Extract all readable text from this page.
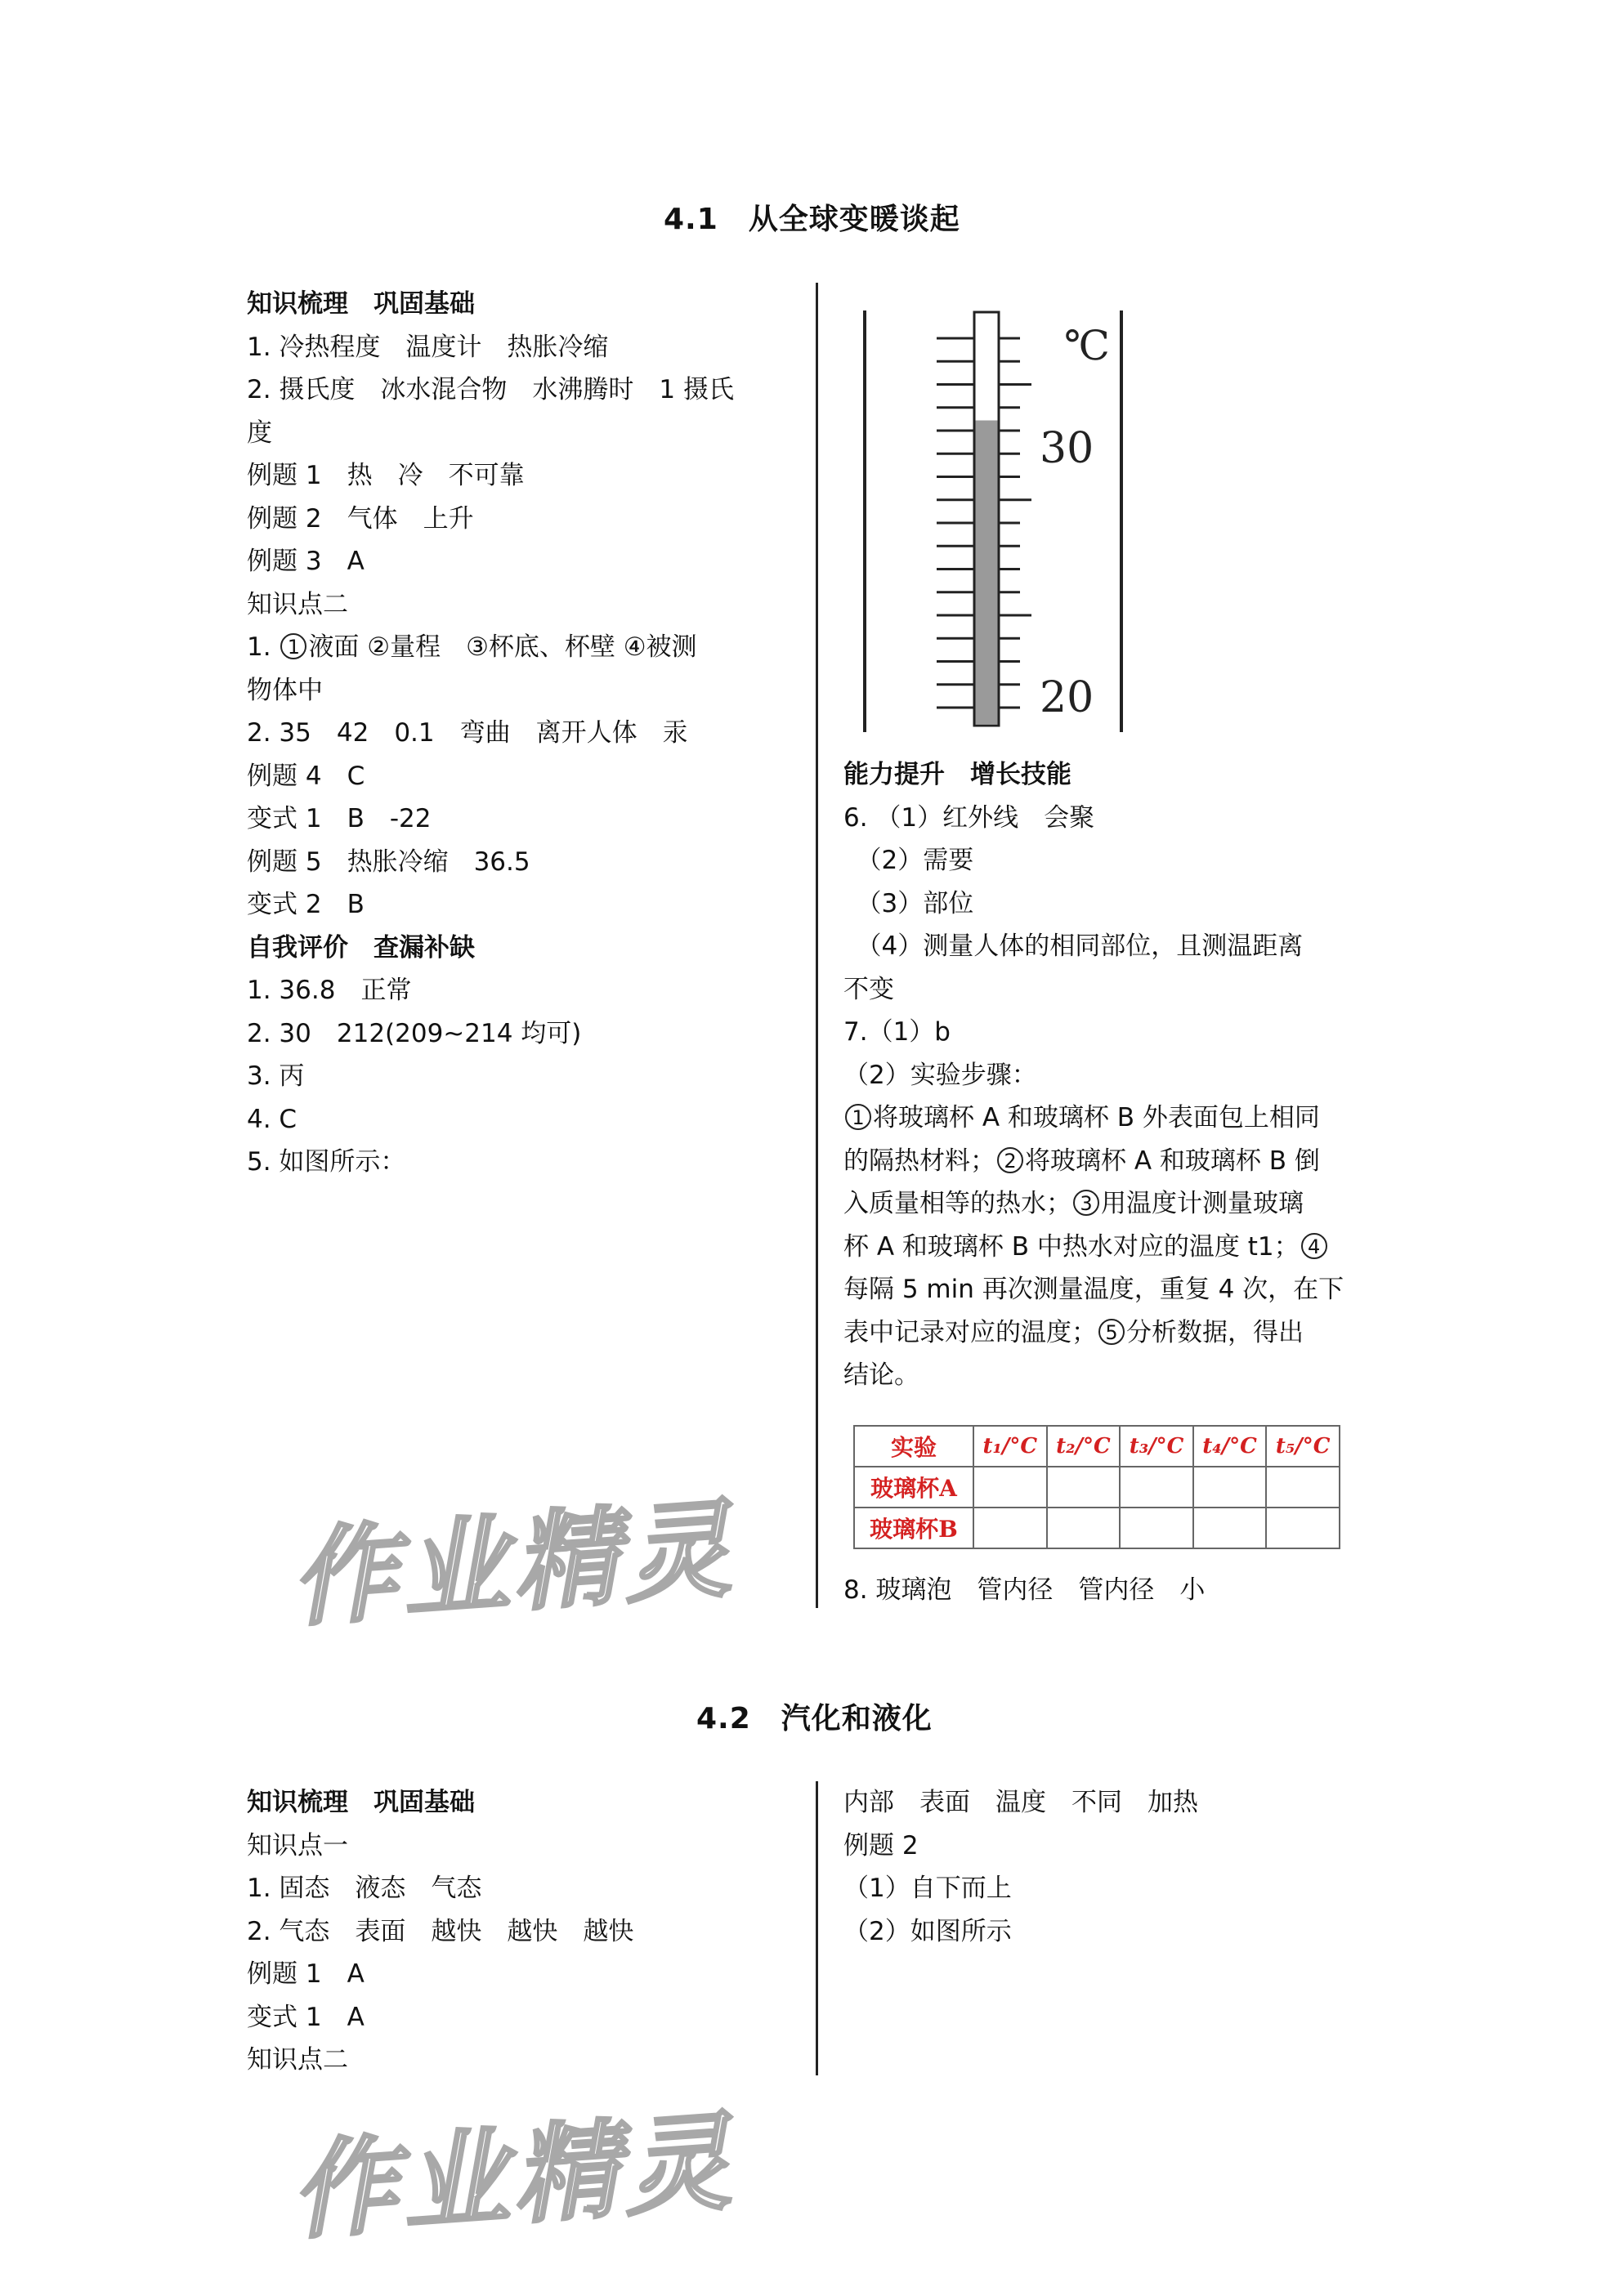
4.1　从全球变暖谈起
知识梳理　巩固基础
1. 冷热程度　温度计　热胀冷缩
2. 摄氏度　冰水混合物　水沸腾时　1 摄氏
度
例题 1　热　冷　不可靠
例题 2　气体　上升
例题 3　A
知识点二
1. 1 液面 ②量程　③杯底、杯壁 ④被测
物体中
2. 35　42　0.1　弯曲　离开人体　汞
例题 4　C
变式 1　B　-22
例题 5　热胀冷缩　36.5
变式 2　B
自我评价　查漏补缺
1. 36.8　正常
2. 30　212(209~214 均可)
3. 丙
4. C
5. 如图所示：
℃
30
20
能力提升　增长技能
6. （1）红外线　会聚
　（2）需要
　（3）部位
　（4）测量人体的相同部位，且测温距离
不变
7.（1）b
（2）实验步骤：
1 将玻璃杯 A 和玻璃杯 B 外表面包上相同
的隔热材料； 2 将玻璃杯 A 和玻璃杯 B 倒
入质量相等的热水； 3 用温度计测量玻璃
杯 A 和玻璃杯 B 中热水对应的温度 t1； 4
每隔 5 min 再次测量温度，重复 4 次，在下
表中记录对应的温度； 5 分析数据，得出
结论。
实验	t₁/°C	t₂/°C	t₃/°C	t₄/°C	t₅/°C
玻璃杯A					
玻璃杯B					
8. 玻璃泡　管内径　管内径　小
作业精灵
4.2　汽化和液化
知识梳理　巩固基础
知识点一
1. 固态　液态　气态
2. 气态　表面　越快　越快　越快
例题 1　A
变式 1　A
知识点二
内部　表面　温度　不同　加热
例题 2
（1）自下而上
（2）如图所示
作业精灵
